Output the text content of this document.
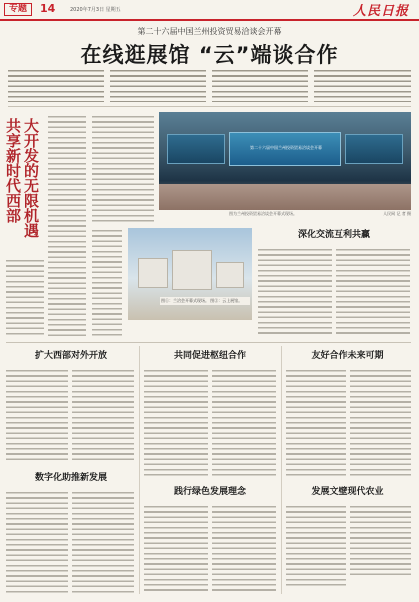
专题	14	2020年7月3日 星期五	人民日报
第二十六届中国兰州投资贸易洽谈会开幕
在线逛展馆 “云”端谈合作
共享新时代西部 大开发的无限机遇	第二十六届中国兰州投资贸易洽谈会开幕
图为兰州投资贸易洽谈会开幕式现场。	人民网 记 者 摄
图①：兰洽会开幕式现场。 图②：云上展馆。
深化交流互利共赢
扩大西部对外开放	共同促进枢纽合作	友好合作未来可期
数字化助推新发展
践行绿色发展理念	发展文壁现代农业
